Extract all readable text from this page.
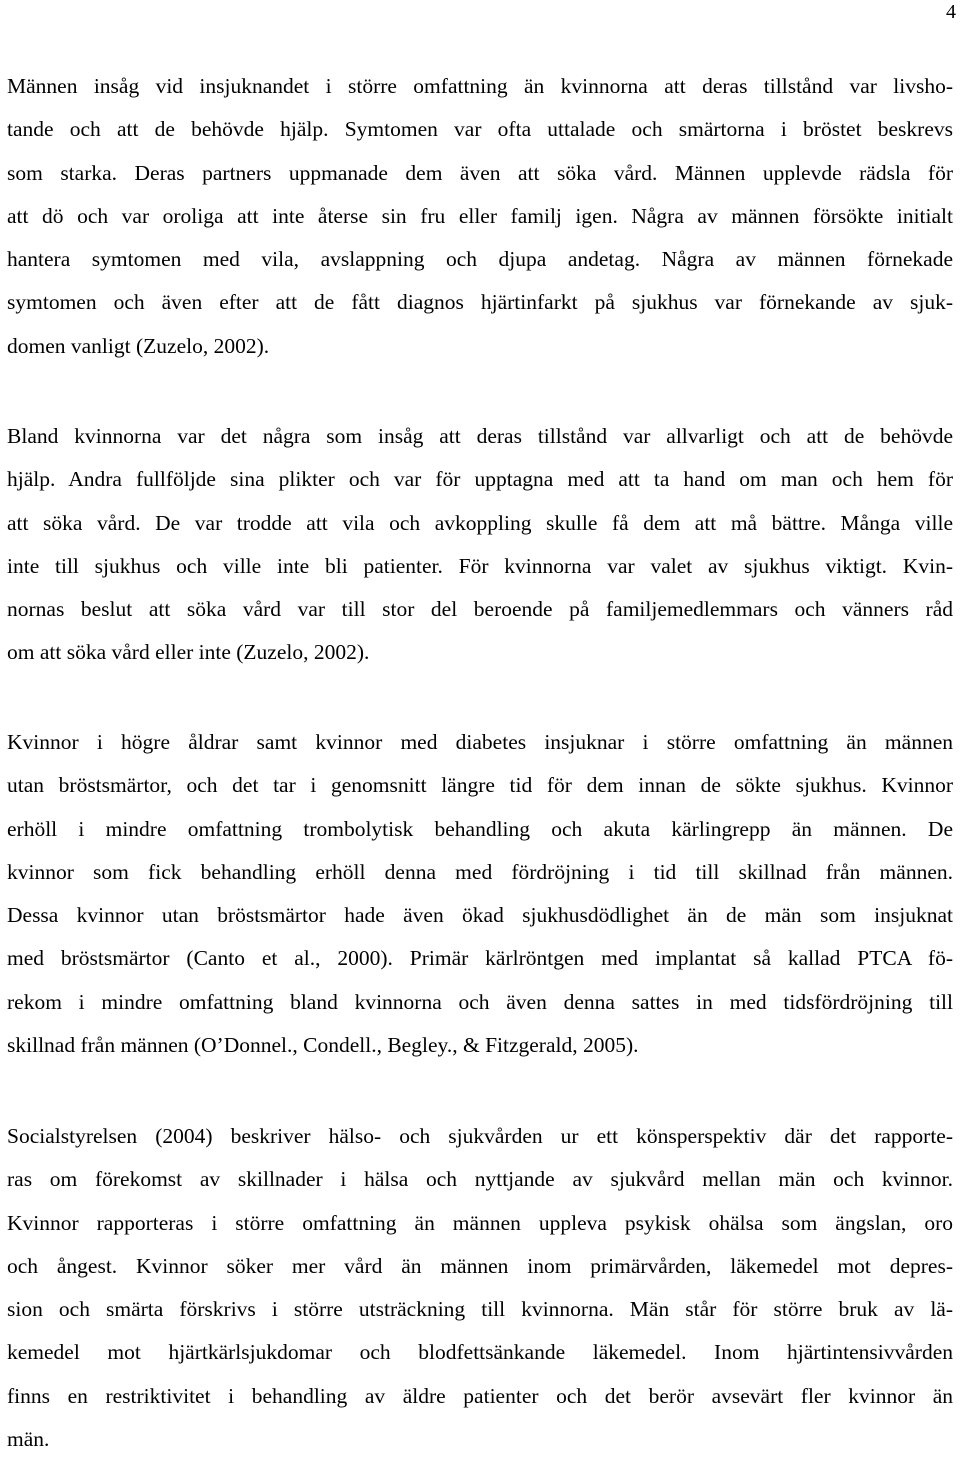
4
Männen insåg vid insjuknandet i större omfattning än kvinnorna att deras tillstånd var livsho-
tande och att de behövde hjälp. Symtomen var ofta uttalade och smärtorna i bröstet beskrevs
som starka. Deras partners uppmanade dem även att söka vård. Männen upplevde rädsla för
att dö och var oroliga att inte återse sin fru eller familj igen. Några av männen försökte initialt
hantera symtomen med vila, avslappning och djupa andetag. Några av männen förnekade
symtomen och även efter att de fått diagnos hjärtinfarkt på sjukhus var förnekande av sjuk-
domen vanligt (Zuzelo, 2002).
Bland kvinnorna var det några som insåg att deras tillstånd var allvarligt och att de behövde
hjälp. Andra fullföljde sina plikter och var för upptagna med att ta hand om man och hem för
att söka vård. De var trodde att vila och avkoppling skulle få dem att må bättre. Många ville
inte till sjukhus och ville inte bli patienter. För kvinnorna var valet av sjukhus viktigt. Kvin-
nornas beslut att söka vård var till stor del beroende på familjemedlemmars och vänners råd
om att söka vård eller inte (Zuzelo, 2002).
Kvinnor i högre åldrar samt kvinnor med diabetes insjuknar i större omfattning än männen
utan bröstsmärtor, och det tar i genomsnitt längre tid för dem innan de sökte sjukhus. Kvinnor
erhöll i mindre omfattning trombolytisk behandling och akuta kärlingrepp än männen. De
kvinnor som fick behandling erhöll denna med fördröjning i tid till skillnad från männen.
Dessa kvinnor utan bröstsmärtor hade även ökad sjukhusdödlighet än de män som insjuknat
med bröstsmärtor (Canto et al., 2000). Primär kärlröntgen med implantat så kallad PTCA fö-
rekom i mindre omfattning bland kvinnorna och även denna sattes in med tidsfördröjning till
skillnad från männen (O’Donnel., Condell., Begley., & Fitzgerald, 2005).
Socialstyrelsen (2004) beskriver hälso- och sjukvården ur ett könsperspektiv där det rapporte-
ras om förekomst av skillnader i hälsa och nyttjande av sjukvård mellan män och kvinnor.
Kvinnor rapporteras i större omfattning än männen uppleva psykisk ohälsa som ängslan, oro
och ångest. Kvinnor söker mer vård än männen inom primärvården, läkemedel mot depres-
sion och smärta förskrivs i större utsträckning till kvinnorna. Män står för större bruk av lä-
kemedel mot hjärtkärlsjukdomar och blodfettsänkande läkemedel. Inom hjärtintensivvården
finns en restriktivitet i behandling av äldre patienter och det berör avsevärt fler kvinnor än
män.
